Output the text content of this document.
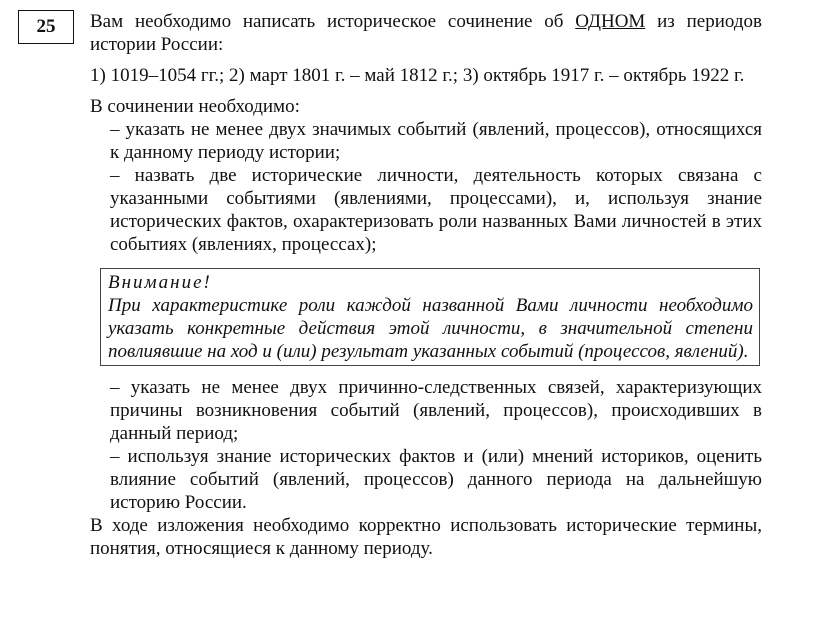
25	Вам необходимо написать историческое сочинение об ОДНОМ из периодов истории России:

1) 1019–1054 гг.; 2) март 1801 г. – май 1812 г.; 3) октябрь 1917 г. – октябрь 1922 г.

В сочинении необходимо:

– указать не менее двух значимых событий (явлений, процессов), относящихся к данному периоду истории;

– назвать две исторические личности, деятельность которых связана с указанными событиями (явлениями, процессами), и, используя знание исторических фактов, охарактеризовать роли названных Вами личностей в этих событиях (явлениях, процессах);

Внимание!

При характеристике роли каждой названной Вами личности необходимо указать конкретные действия этой личности, в значительной степени повлиявшие на ход и (или) результат указанных событий (процессов, явлений).

– указать не менее двух причинно-следственных связей, характеризующих причины возникновения событий (явлений, процессов), происходивших в данный период;

– используя знание исторических фактов и (или) мнений историков, оценить влияние событий (явлений, процессов) данного периода на дальнейшую историю России.

В ходе изложения необходимо корректно использовать исторические термины, понятия, относящиеся к данному периоду.
